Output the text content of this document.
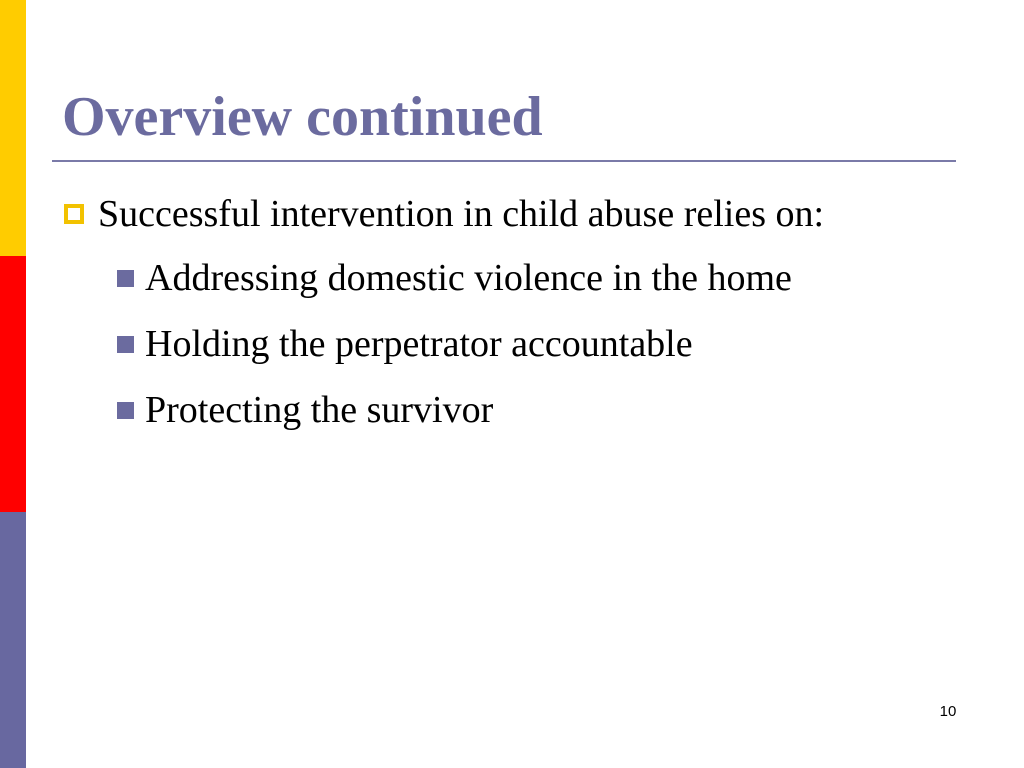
Overview continued
Successful intervention in child abuse relies on:
Addressing domestic violence in the home
Holding the perpetrator accountable
Protecting the survivor
10
